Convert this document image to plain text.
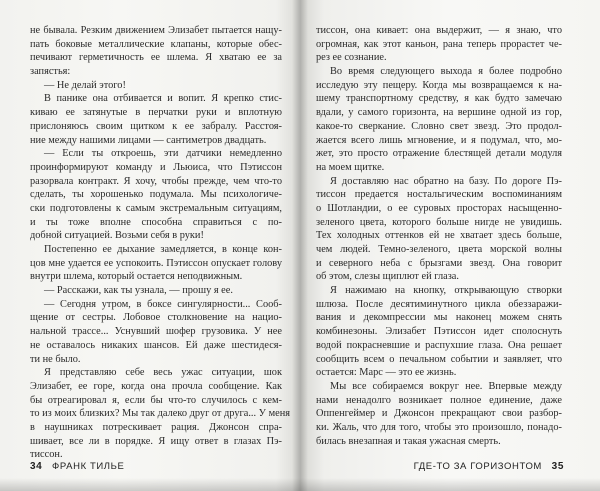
не бывала. Резким движением Элизабет пытается нащу-
пать боковые металлические клапаны, которые обес-
печивают герметичность ее шлема. Я хватаю ее за
запястья:
— Не делай этого!
В панике она отбивается и вопит. Я крепко стис-
киваю ее затянутые в перчатки руки и вплотную
прислоняюсь своим щитком к ее забралу. Расстоя-
ние между нашими лицами — сантиметров двадцать.
— Если ты откроешь, эти датчики немедленно
проинформируют команду и Льюиса, что Пэтиссон
разорвала контракт. Я хочу, чтобы прежде, чем что-то
сделать, ты хорошенько подумала. Мы психологиче-
ски подготовлены к самым экстремальным ситуациям,
и ты тоже вполне способна справиться с по-
добной ситуацией. Возьми себя в руки!
Постепенно ее дыхание замедляется, в конце кон-
цов мне удается ее успокоить. Пэтиссон опускает голову
внутри шлема, который остается неподвижным.
— Расскажи, как ты узнала, — прошу я ее.
— Сегодня утром, в боксе сингулярности... Сооб-
щение от сестры. Лобовое столкновение на нацио-
нальной трассе... Уснувший шофер грузовика. У нее
не оставалось никаких шансов. Ей даже шестидеся-
ти не было.
Я представляю себе весь ужас ситуации, шок
Элизабет, ее горе, когда она прочла сообщение. Как
бы отреагировал я, если бы что-то случилось с кем-
то из моих близких? Мы так далеко друг от друга... У меня
в наушниках потрескивает рация. Джонсон спра-
шивает, все ли в порядке. Я ищу ответ в глазах Пэ-
тиссон.
34 ФРАНК ТИЛЬЕ
тиссон, она кивает: она выдержит, — я знаю, что
огромная, как этот каньон, рана теперь прорастет че-
рез ее сознание.
Во время следующего выхода я более подробно
исследую эту пещеру. Когда мы возвращаемся к на-
шему транспортному средству, я как будто замечаю
вдали, у самого горизонта, на вершине одной из гор,
какое-то сверкание. Словно свет звезд. Это продол-
жается всего лишь мгновение, и я подумал, что, мо-
жет, это просто отражение блестящей детали модуля
на моем щитке.
Я доставляю нас обратно на базу. По дороге Пэ-
тиссон предается ностальгическим воспоминаниям
о Шотландии, о ее суровых просторах насыщенно-
зеленого цвета, которого больше нигде не увидишь.
Тех холодных оттенков ей не хватает здесь больше,
чем людей. Темно-зеленого, цвета морской волны
и северного неба с брызгами звезд. Она говорит
об этом, слезы щиплют ей глаза.
Я нажимаю на кнопку, открывающую створки
шлюза. После десятиминутного цикла обеззаражи-
вания и декомпрессии мы наконец можем снять
комбинезоны. Элизабет Пэтиссон идет сполоснуть
водой покрасневшие и распухшие глаза. Она решает
сообщить всем о печальном событии и заявляет, что
остается: Марс — это ее жизнь.
Мы все собираемся вокруг нее. Впервые между
нами ненадолго возникает полное единение, даже
Оппенгеймер и Джонсон прекращают свои разбор-
ки. Жаль, что для того, чтобы это произошло, понадо-
билась внезапная и такая ужасная смерть.
ГДЕ-ТО ЗА ГОРИЗОНТОМ 35
